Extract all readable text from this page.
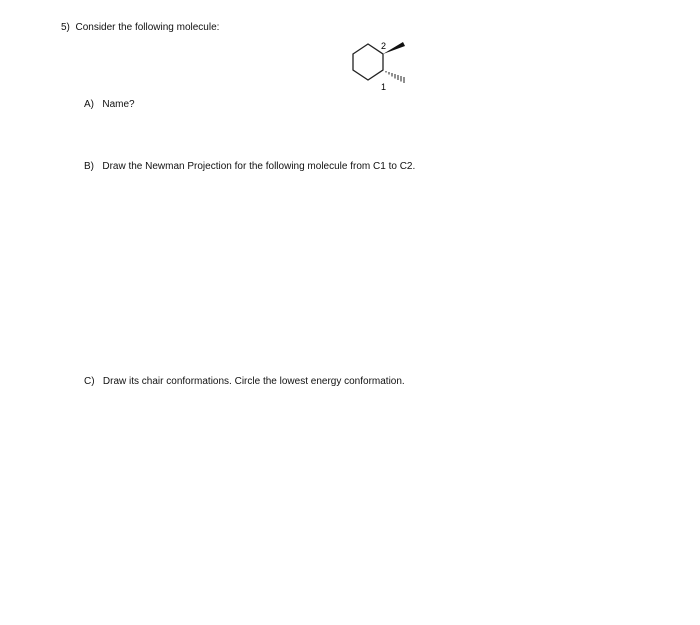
5) Consider the following molecule:
2
1
A) Name?
B) Draw the Newman Projection for the following molecule from C1 to C2.
C) Draw its chair conformations. Circle the lowest energy conformation.
